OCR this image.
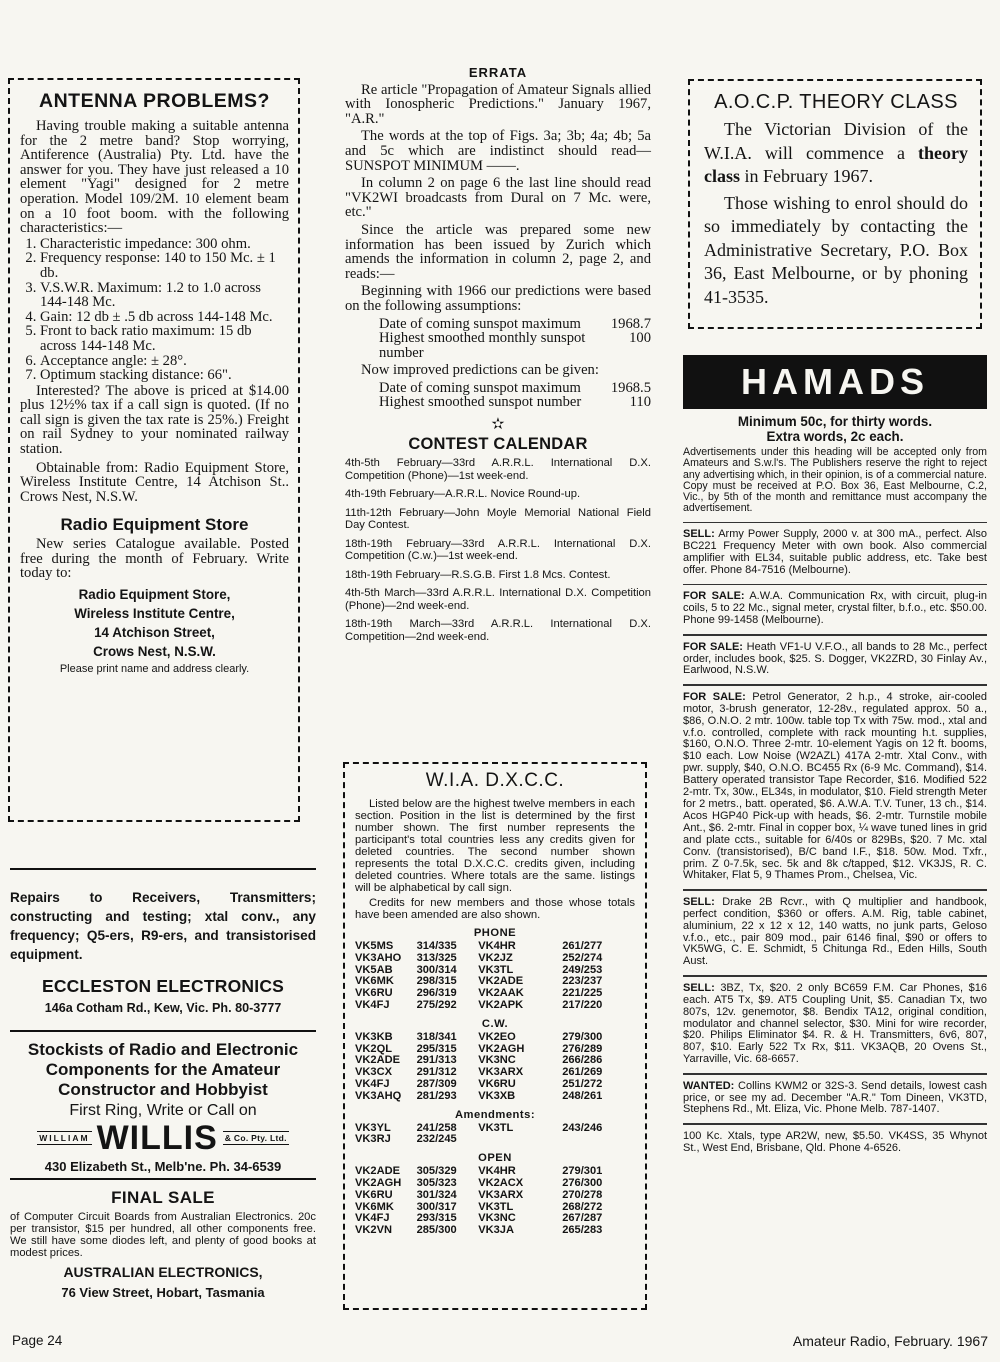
ANTENNA PROBLEMS?

Having trouble making a suitable antenna for the 2 metre band? Stop worrying, Antiference (Australia) Pty. Ltd. have the answer for you. They have just released a 10 element "Yagi" designed for 2 metre operation. Model 109/2M. 10 element beam on a 10 foot boom. with the following characteristics:—

1. Characteristic impedance: 300 ohm.
2. Frequency response: 140 to 150 Mc. ± 1 db.
3. V.S.W.R. Maximum: 1.2 to 1.0 across 144-148 Mc.
4. Gain: 12 db ± .5 db across 144-148 Mc.
5. Front to back ratio maximum: 15 db across 144-148 Mc.
6. Acceptance angle: ± 28°.
7. Optimum stacking distance: 66".

Interested? The above is priced at $14.00 plus 12½% tax if a call sign is quoted. (If no call sign is given the tax rate is 25%.) Freight on rail Sydney to your nominated railway station.

Obtainable from: Radio Equipment Store, Wireless Institute Centre, 14 Atchison St.. Crows Nest, N.S.W.

Radio Equipment Store

New series Catalogue available. Posted free during the month of February. Write today to:

Radio Equipment Store,
Wireless Institute Centre,
14 Atchison Street,
Crows Nest, N.S.W.
Please print name and address clearly.
Repairs to Receivers, Transmitters; constructing and testing; xtal conv., any frequency; Q5-ers, R9-ers, and transistorised equipment.
ECCLESTON ELECTRONICS
146a Cotham Rd., Kew, Vic. Ph. 80-3777
Stockists of Radio and Electronic Components for the Amateur Constructor and Hobbyist
First Ring, Write or Call on
WILLIAM WILLIS & Co. Pty. Ltd.
430 Elizabeth St., Melb'ne. Ph. 34-6539
FINAL SALE
of Computer Circuit Boards from Australian Electronics. 20c per transistor, $15 per hundred, all other components free. We still have some diodes left, and plenty of good books at modest prices.
AUSTRALIAN ELECTRONICS,
76 View Street, Hobart, Tasmania
ERRATA

Re article "Propagation of Amateur Signals allied with Ionospheric Predictions." January 1967, "A.R."

The words at the top of Figs. 3a; 3b; 4a; 4b; 5a and 5c which are indistinct should read—SUNSPOT MINIMUM ——.

In column 2 on page 6 the last line should read "VK2WI broadcasts from Dural on 7 Mc. were, etc."

Since the article was prepared some new information has been issued by Zurich which amends the information in column 2, page 2, and reads:—

Beginning with 1966 our predictions were based on the following assumptions:

Date of coming sunspot maximum 1968.7
Highest smoothed monthly sunspot number
100

Now improved predictions can be given:

Date of coming sunspot maximum 1968.5
Highest smoothed sunspot number	110
✫
CONTEST CALENDAR
4th-5th February—33rd A.R.R.L. International D.X. Competition (Phone)—1st week-end.
4th-19th February—A.R.R.L. Novice Round-up.
11th-12th February—John Moyle Memorial National Field Day Contest.
18th-19th February—33rd A.R.R.L. International D.X. Competition (C.w.)—1st week-end.
18th-19th February—R.S.G.B. First 1.8 Mcs. Contest.
4th-5th March—33rd A.R.R.L. International D.X. Competition (Phone)—2nd week-end.
18th-19th March—33rd A.R.R.L. International D.X. Competition—2nd week-end.
W.I.A. D.X.C.C.
Listed below are the highest twelve members in each section. Position in the list is determined by the first number shown. The first number represents the participant's total countries less any credits given for deleted countries. The second number shown represents the total D.X.C.C. credits given, including deleted countries. Where totals are the same. listings will be alphabetical by call sign.
Credits for new members and those whose totals have been amended are also shown.
PHONE
VK5MS	314/335	VK4HR	261/277
VK3AHO	313/325	VK2JZ	252/274
VK5AB	300/314	VK3TL	249/253
VK6MK	298/315	VK2ADE	223/237
VK6RU	296/319	VK2AAK	221/225
VK4FJ	275/292	VK2APK	217/220
C.W.
VK3KB	318/341	VK2EO	279/300
VK2QL	295/315	VK2AGH	276/289
VK2ADE	291/313	VK3NC	266/286
VK3CX	291/312	VK3ARX	261/269
VK4FJ	287/309	VK6RU	251/272
VK3AHQ	281/293	VK3XB	248/261
Amendments:
VK3YL	241/258	VK3TL	243/246
VK3RJ	232/245		
OPEN
VK2ADE	305/329	VK4HR	279/301
VK2AGH	305/323	VK2ACX	276/300
VK6RU	301/324	VK3ARX	270/278
VK6MK	300/317	VK3TL	268/272
VK4FJ	293/315	VK3NC	267/287
VK2VN	285/300	VK3JA	265/283
A.O.C.P. THEORY CLASS

The Victorian Division of the W.I.A. will commence a theory class in February 1967.

Those wishing to enrol should do so immediately by contacting the Administrative Secretary, P.O. Box 36, East Melbourne, or by phoning 41-3535.

HAMADS
Minimum 50c, for thirty words.
Extra words, 2c each.
Advertisements under this heading will be accepted only from Amateurs and S.w.l's. The Publishers reserve the right to reject any advertising which, in their opinion, is of a commercial nature. Copy must be received at P.O. Box 36, East Melbourne, C.2, Vic., by 5th of the month and remittance must accompany the advertisement.
SELL: Army Power Supply, 2000 v. at 300 mA., perfect. Also BC221 Frequency Meter with own book. Also commercial amplifier with EL34, suitable public address, etc. Take best offer. Phone 84-7516 (Melbourne).
FOR SALE: A.W.A. Communication Rx, with circuit, plug-in coils, 5 to 22 Mc., signal meter, crystal filter, b.f.o., etc. $50.00. Phone 99-1458 (Melbourne).
FOR SALE: Heath VF1-U V.F.O., all bands to 28 Mc., perfect order, includes book, $25. S. Dogger, VK2ZRD, 30 Finlay Av., Earlwood, N.S.W.
FOR SALE: Petrol Generator, 2 h.p., 4 stroke, air-cooled motor, 3-brush generator, 12-28v., regulated approx. 50 a., $86, O.N.O. 2 mtr. 100w. table top Tx with 75w. mod., xtal and v.f.o. controlled, complete with rack mounting h.t. supplies, $160, O.N.O. Three 2-mtr. 10-element Yagis on 12 ft. booms, $10 each. Low Noise (W2AZL) 417A 2-mtr. Xtal Conv., with pwr. supply, $40, O.N.O. BC455 Rx (6-9 Mc. Command), $14. Battery operated transistor Tape Recorder, $16. Modified 522 2-mtr. Tx, 30w., EL34s, in modulator, $10. Field strength Meter for 2 metrs., batt. operated, $6. A.W.A. T.V. Tuner, 13 ch., $14. Acos HGP40 Pick-up with heads, $6. 2-mtr. Turnstile mobile Ant., $6. 2-mtr. Final in copper box, ¼ wave tuned lines in grid and plate ccts., suitable for 6/40s or 829Bs, $20. 7 Mc. xtal Conv. (transistorised), B/C band I.F., $18. 50w. Mod. Txfr., prim. Z 0-7.5k, sec. 5k and 8k c/tapped, $12. VK3JS, R. C. Whitaker, Flat 5, 9 Thames Prom., Chelsea, Vic.
SELL: Drake 2B Rcvr., with Q multiplier and handbook, perfect condition, $360 or offers. A.M. Rig, table cabinet, aluminium, 22 x 12 x 12, 140 watts, no junk parts, Geloso v.f.o., etc., pair 809 mod., pair 6146 final, $90 or offers to VK5WG, C. E. Schmidt, 5 Chitunga Rd., Eden Hills, South Aust.
SELL: 3BZ, Tx, $20. 2 only BC659 F.M. Car Phones, $16 each. AT5 Tx, $9. AT5 Coupling Unit, $5. Canadian Tx, two 807s, 12v. genemotor, $8. Bendix TA12, original condition, modulator and channel selector, $30. Mini for wire recorder, $20. Philips Eliminator $4. R. & H. Transmitters, 6v6, 807, 807, $10. Early 522 Tx Rx, $11. VK3AQB, 20 Ovens St., Yarraville, Vic. 68-6657.
WANTED: Collins KWM2 or 32S-3. Send details, lowest cash price, or see my ad. December "A.R." Tom Dineen, VK3TD, Stephens Rd., Mt. Eliza, Vic. Phone Melb. 787-1407.
100 Kc. Xtals, type AR2W, new, $5.50. VK4SS, 35 Whynot St., West End, Brisbane, Qld. Phone 4-6526.
Page 24	Amateur Radio, February. 1967
